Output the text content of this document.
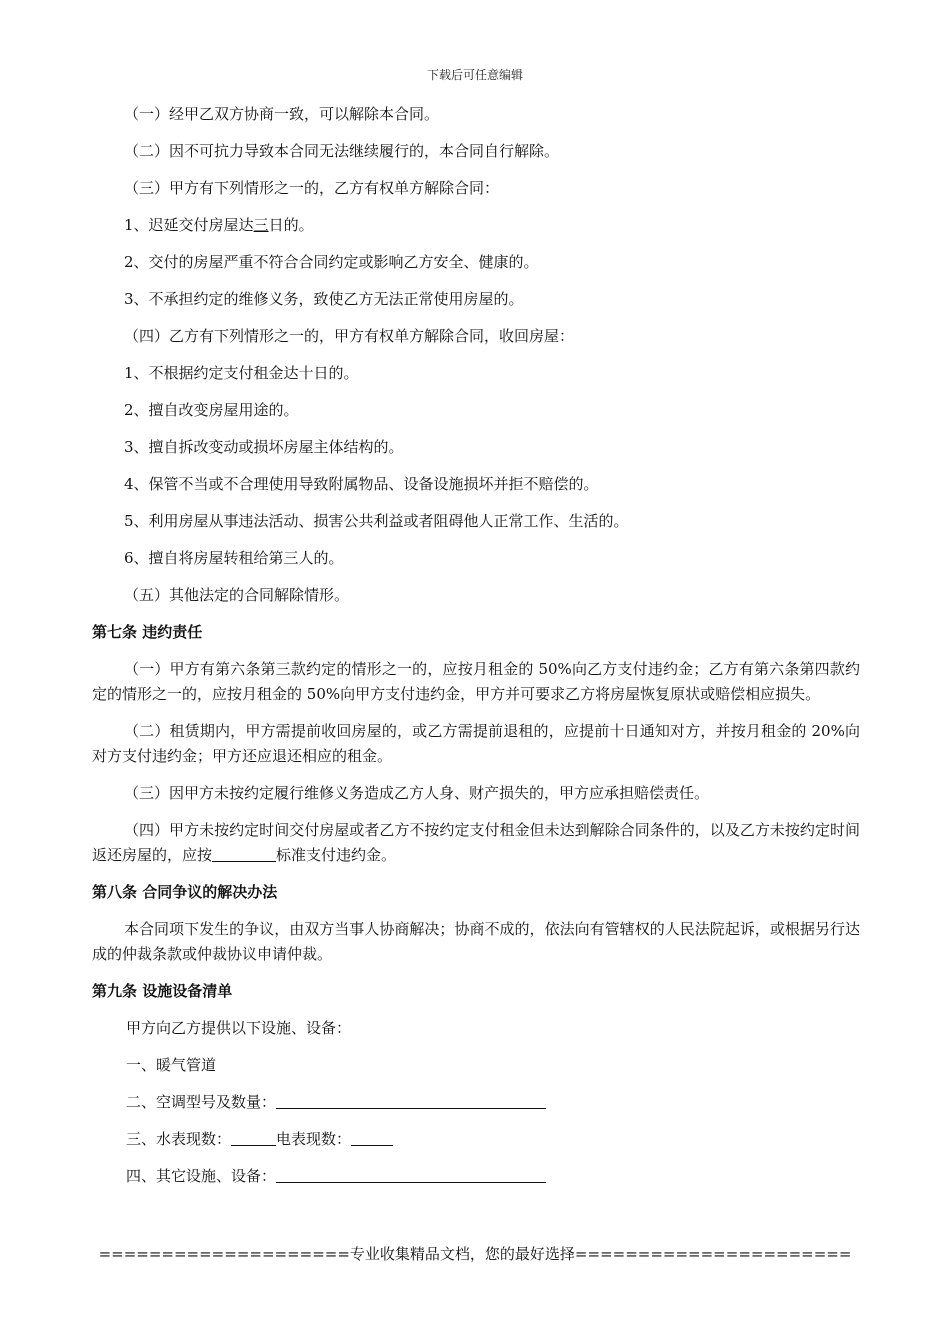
下载后可任意编辑

（一）经甲乙双方协商一致，可以解除本合同。

（二）因不可抗力导致本合同无法继续履行的，本合同自行解除。

（三）甲方有下列情形之一的，乙方有权单方解除合同：

1、迟延交付房屋达三日的。

2、交付的房屋严重不符合合同约定或影响乙方安全、健康的。

3、不承担约定的维修义务，致使乙方无法正常使用房屋的。

（四）乙方有下列情形之一的，甲方有权单方解除合同，收回房屋：

1、不根据约定支付租金达十日的。

2、擅自改变房屋用途的。

3、擅自拆改变动或损坏房屋主体结构的。

4、保管不当或不合理使用导致附属物品、设备设施损坏并拒不赔偿的。

5、利用房屋从事违法活动、损害公共利益或者阻碍他人正常工作、生活的。

6、擅自将房屋转租给第三人的。

（五）其他法定的合同解除情形。

第七条 违约责任

（一）甲方有第六条第三款约定的情形之一的，应按月租金的 50%向乙方支付违约金；乙方有第六条第四款约定的情形之一的，应按月租金的 50%向甲方支付违约金，甲方并可要求乙方将房屋恢复原状或赔偿相应损失。

（二）租赁期内，甲方需提前收回房屋的，或乙方需提前退租的，应提前十日通知对方，并按月租金的 20%向对方支付违约金；甲方还应退还相应的租金。

（三）因甲方未按约定履行维修义务造成乙方人身、财产损失的，甲方应承担赔偿责任。

（四）甲方未按约定时间交付房屋或者乙方不按约定支付租金但未达到解除合同条件的，以及乙方未按约定时间返还房屋的，应按	标准支付违约金。

第八条 合同争议的解决办法

本合同项下发生的争议，由双方当事人协商解决；协商不成的，依法向有管辖权的人民法院起诉，或根据另行达成的仲裁条款或仲裁协议申请仲裁。

第九条 设施设备清单

甲方向乙方提供以下设施、设备：

一、暖气管道

二、空调型号及数量：

三、水表现数：	电表现数：

四、其它设施、设备：

====================专业收集精品文档，您的最好选择======================
